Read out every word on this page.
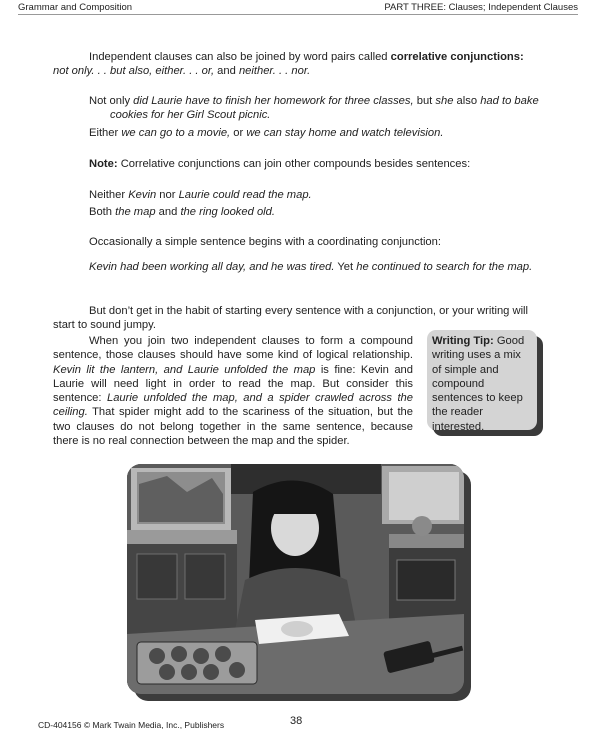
Grammar and Composition	PART THREE: Clauses; Independent Clauses

Independent clauses can also be joined by word pairs called correlative conjunctions:
not only. . . but also, either. . . or, and neither. . . nor.

Not only did Laurie have to finish her homework for three classes, but she also had to bake cookies for her Girl Scout picnic.

Either we can go to a movie, or we can stay home and watch television.

Note: Correlative conjunctions can join other compounds besides sentences:

Neither Kevin nor Laurie could read the map.

Both the map and the ring looked old.

Occasionally a simple sentence begins with a coordinating conjunction:

Kevin had been working all day, and he was tired. Yet he continued to search for the map.

But don’t get in the habit of starting every sentence with a conjunction, or your writing will start to sound jumpy.

When you join two independent clauses to form a compound sentence, those clauses should have some kind of logical relationship. Kevin lit the lantern, and Laurie unfolded the map is fine: Kevin and Laurie will need light in order to read the map. But consider this sentence: Laurie unfolded the map, and a spider crawled across the ceiling. That spider might add to the scariness of the situation, but the two clauses do not belong together in the same sentence, because there is no real connection between the map and the spider.

Writing Tip: Good writing uses a mix of simple and compound sentences to keep the reader interested.
CD-404156 © Mark Twain Media, Inc., Publishers	38
